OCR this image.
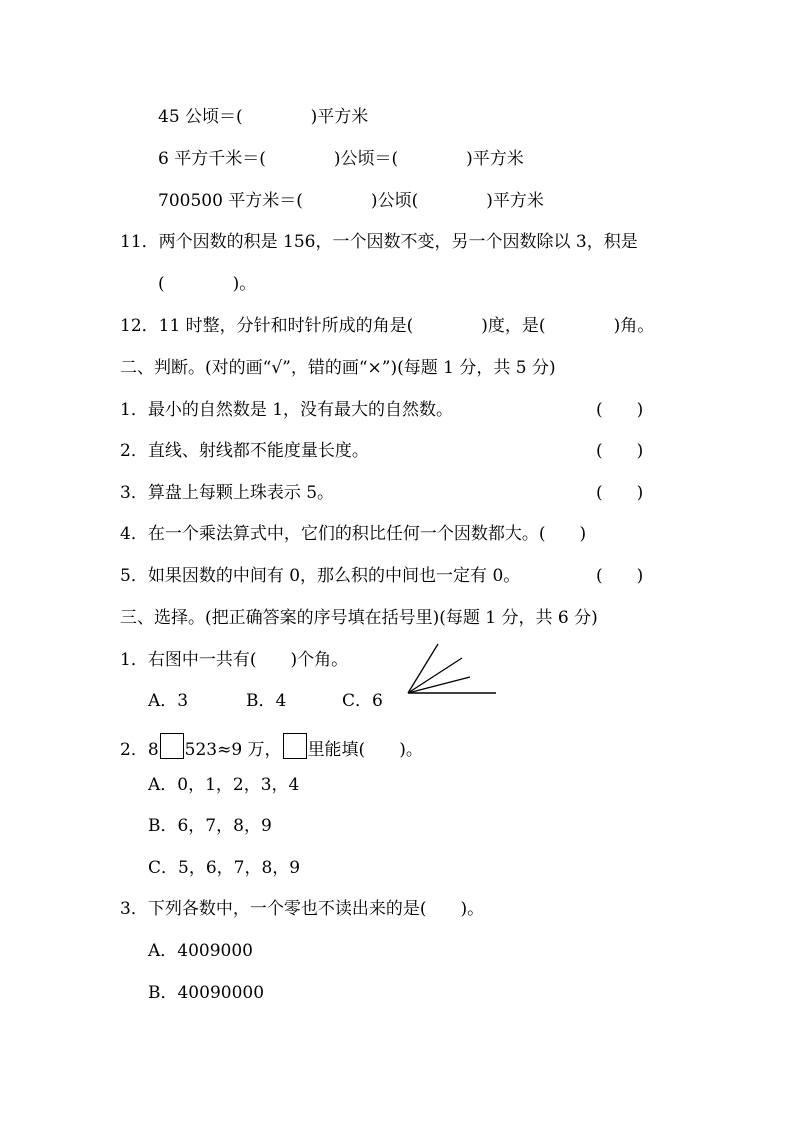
45 公顷＝(　　　　)平方米
6 平方千米＝(　　　　)公顷＝(　　　　)平方米
700500 平方米＝(　　　　)公顷(　　　　)平方米
11．两个因数的积是 156，一个因数不变，另一个因数除以 3，积是
(　　　　)。
12．11 时整，分针和时针所成的角是(　　　　)度，是(　　　　)角。
二、判断。(对的画“√”，错的画“×”)(每题 1 分，共 5 分)
1．最小的自然数是 1，没有最大的自然数。	(　　)
2．直线、射线都不能度量长度。	(　　)
3．算盘上每颗上珠表示 5。	(　　)
4．在一个乘法算式中，它们的积比任何一个因数都大。(　　)
5．如果因数的中间有 0，那么积的中间也一定有 0。	(　　)
三、选择。(把正确答案的序号填在括号里)(每题 1 分，共 6 分)
1．右图中一共有(　　)个角。
A．3	B．4	C．6
2．8 523≈9 万， 里能填(　　)。
A．0，1，2，3，4
B．6，7，8，9
C．5，6，7，8，9
3．下列各数中，一个零也不读出来的是(　　)。
A．4009000
B．40090000
